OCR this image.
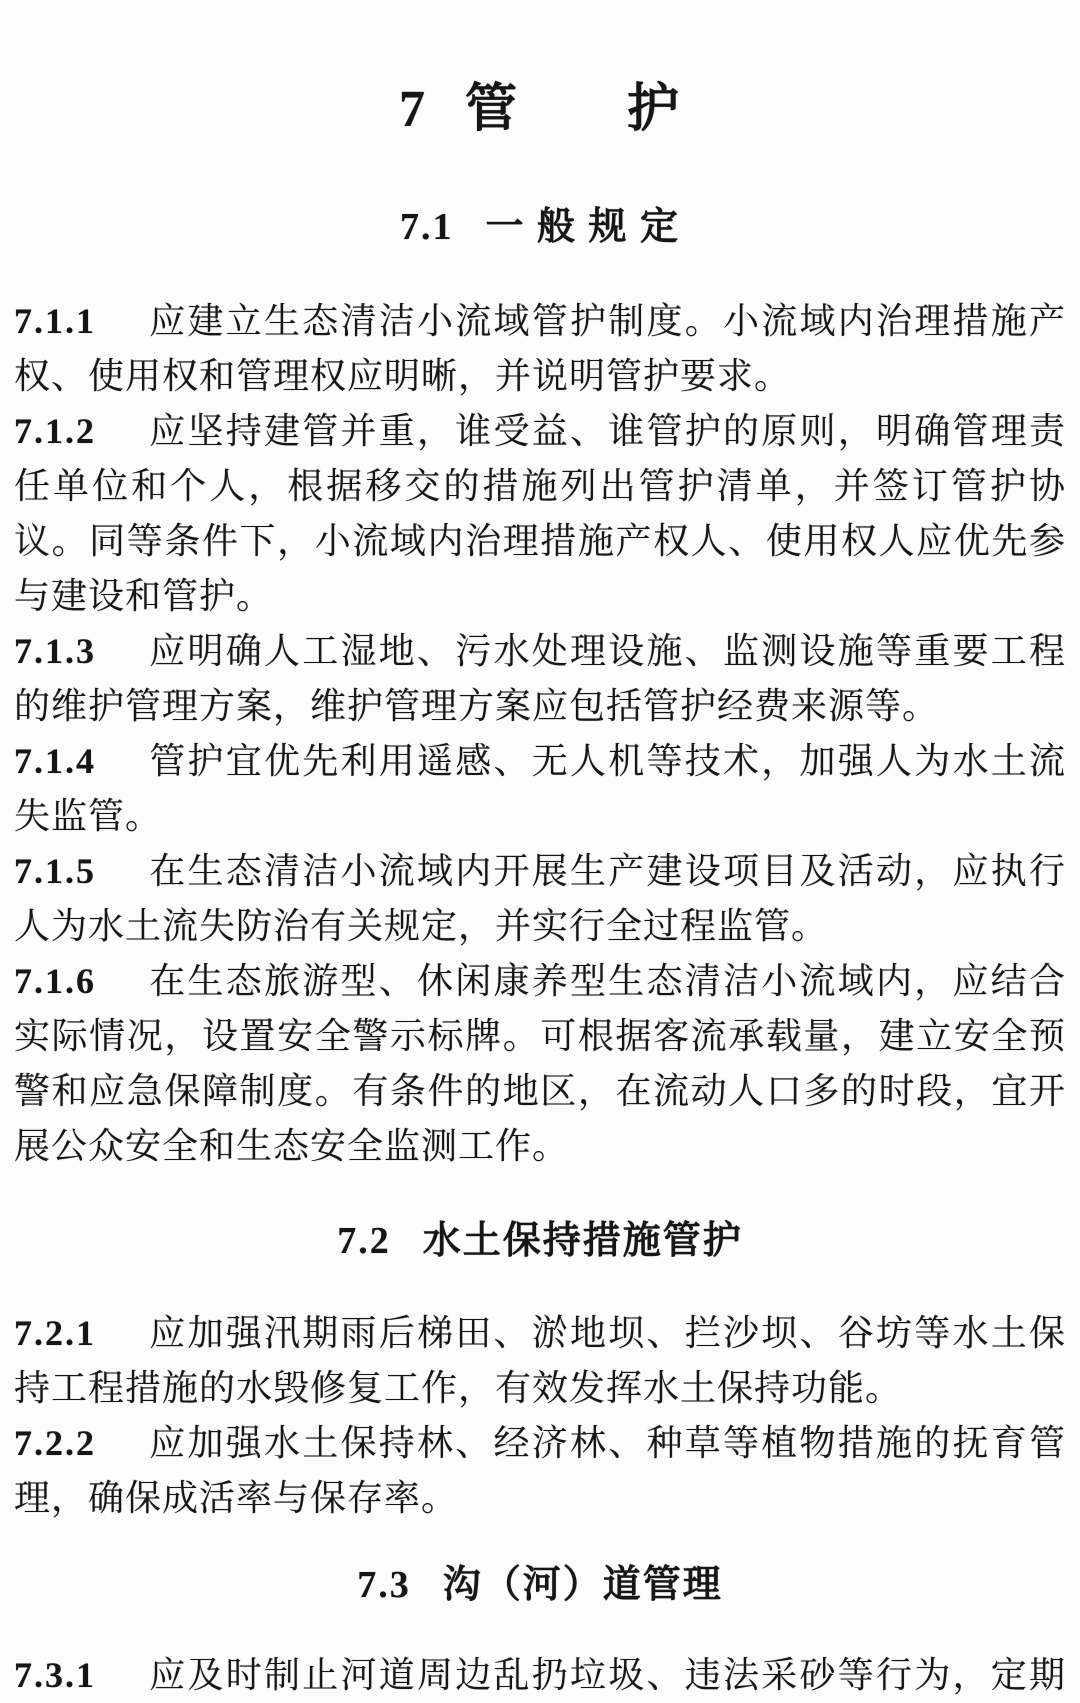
7 管　　护
7.1 一 般 规 定

7.1.1 应建立生态清洁小流域管护制度。小流域内治理措施产权、使用权和管理权应明晰，并说明管护要求。

7.1.2 应坚持建管并重，谁受益、谁管护的原则，明确管理责任单位和个人，根据移交的措施列出管护清单，并签订管护协议。同等条件下，小流域内治理措施产权人、使用权人应优先参与建设和管护。

7.1.3 应明确人工湿地、污水处理设施、监测设施等重要工程的维护管理方案，维护管理方案应包括管护经费来源等。

7.1.4 管护宜优先利用遥感、无人机等技术，加强人为水土流失监管。

7.1.5 在生态清洁小流域内开展生产建设项目及活动，应执行人为水土流失防治有关规定，并实行全过程监管。

7.1.6 在生态旅游型、休闲康养型生态清洁小流域内，应结合实际情况，设置安全警示标牌。可根据客流承载量，建立安全预警和应急保障制度。有条件的地区，在流动人口多的时段，宜开展公众安全和生态安全监测工作。

7.2 水土保持措施管护

7.2.1 应加强汛期雨后梯田、淤地坝、拦沙坝、谷坊等水土保持工程措施的水毁修复工作，有效发挥水土保持功能。

7.2.2 应加强水土保持林、经济林、种草等植物措施的抚育管理，确保成活率与保存率。

7.3 沟（河）道管理

7.3.1 应及时制止河道周边乱扔垃圾、违法采砂等行为，定期
